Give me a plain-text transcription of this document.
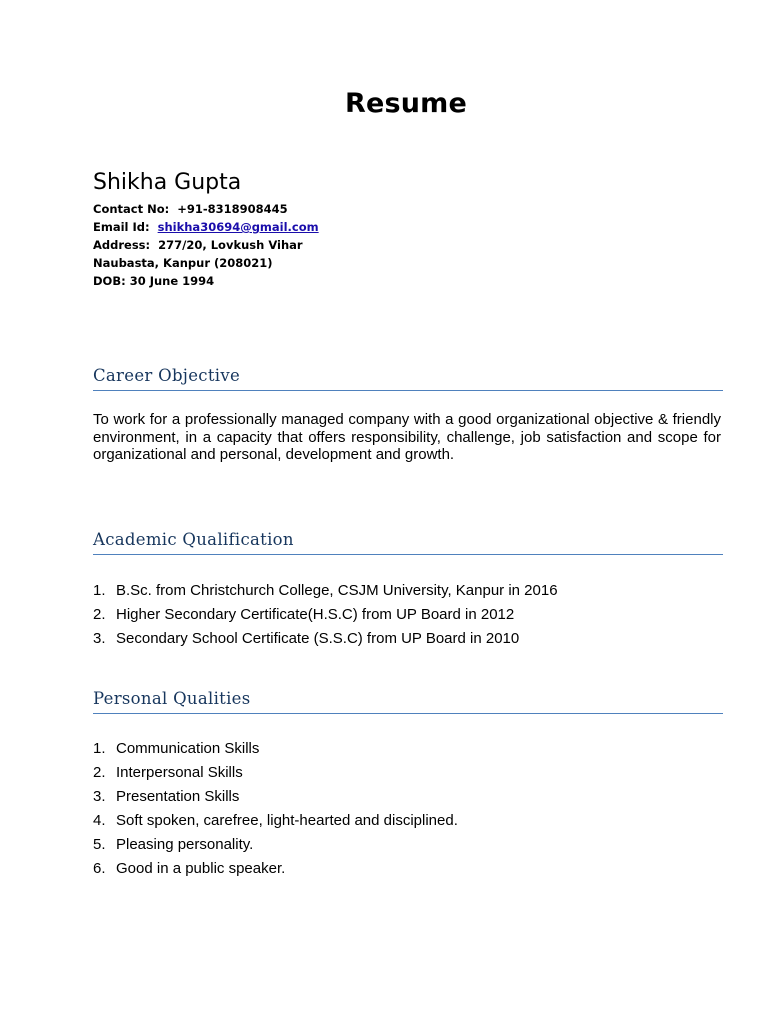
Resume
Shikha Gupta
Contact No: +91-8318908445
Email Id: shikha30694@gmail.com
Address: 277/20, Lovkush Vihar
Naubasta, Kanpur (208021)
DOB: 30 June 1994
Career Objective
To work for a professionally managed company with a good organizational objective & friendly environment, in a capacity that offers responsibility, challenge, job satisfaction and scope for organizational and personal, development and growth.
Academic Qualification
1. B.Sc. from Christchurch College, CSJM University, Kanpur in 2016
2. Higher Secondary Certificate(H.S.C) from UP Board in 2012
3. Secondary School Certificate (S.S.C) from UP Board in 2010
Personal Qualities
1. Communication Skills
2. Interpersonal Skills
3. Presentation Skills
4. Soft spoken, carefree, light-hearted and disciplined.
5. Pleasing personality.
6. Good in a public speaker.
